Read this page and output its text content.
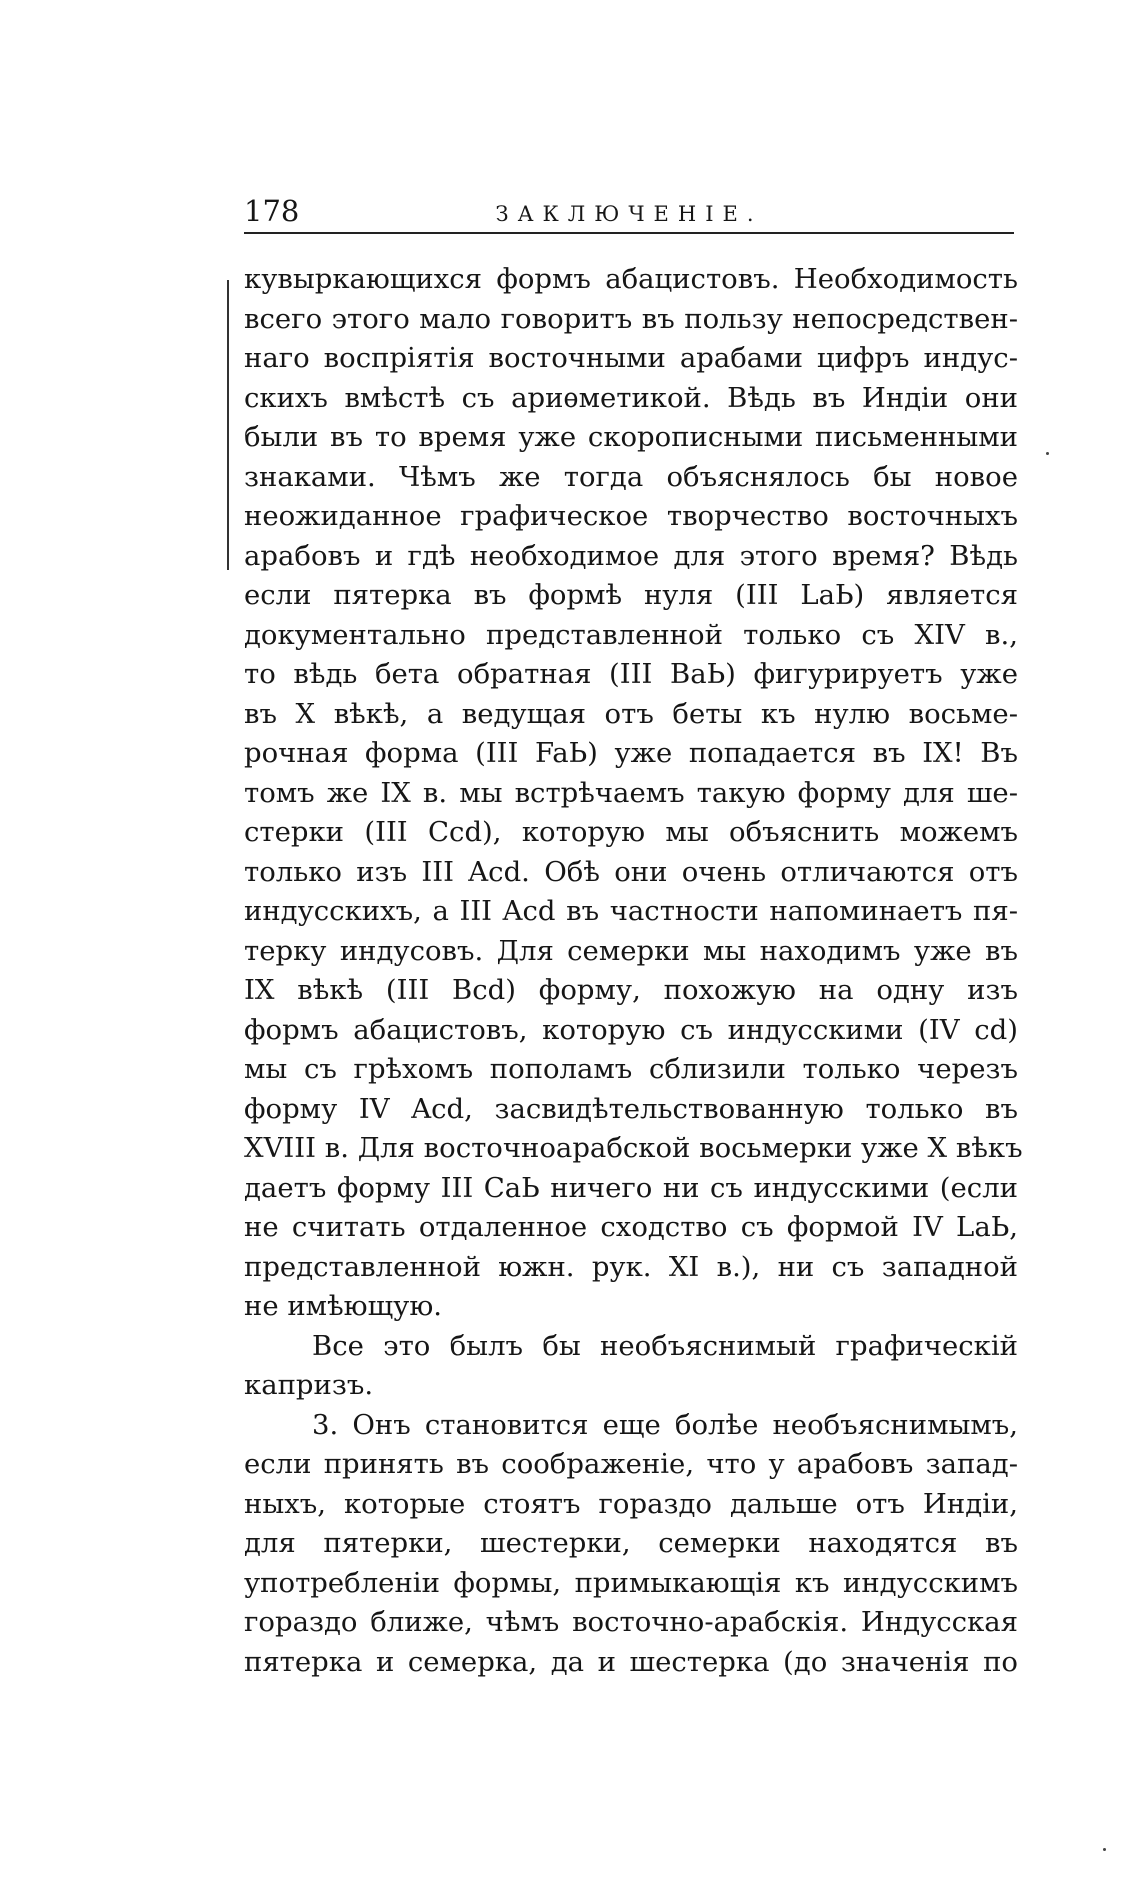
178	ЗАКЛЮЧЕНІЕ.
кувыркающихся формъ абацистовъ. Необходимость
всего этого мало говоритъ въ пользу непосредствен-
наго воспріятія восточными арабами цифръ индус-
скихъ вмѣстѣ съ ариѳметикой. Вѣдь въ Индіи они
были въ то время уже скорописными письменными
знаками. Чѣмъ же тогда объяснялось бы новое
неожиданное графическое творчество восточныхъ
арабовъ и гдѣ необходимое для этого время? Вѣдь
если пятерка въ формѣ нуля (III LaЬ) является
документально представленной только съ XIV в.,
то вѣдь бета обратная (III BaЬ) фигурируетъ уже
въ X вѣкѣ, а ведущая отъ беты къ нулю восьме-
рочная форма (III FaЬ) уже попадается въ IX! Въ
томъ же IX в. мы встрѣчаемъ такую форму для ше-
стерки (III Ccd), которую мы объяснить можемъ
только изъ III Acd. Обѣ они очень отличаются отъ
индусскихъ, а III Acd въ частности напоминаетъ пя-
терку индусовъ. Для семерки мы находимъ уже въ
IX вѣкѣ (III Bcd) форму, похожую на одну изъ
формъ абацистовъ, которую съ индусскими (IV cd)
мы съ грѣхомъ пополамъ сблизили только черезъ
форму IV Acd, засвидѣтельствованную только въ
XVIII в. Для восточноарабской восьмерки уже X вѣкъ
даетъ форму III CaЬ ничего ни съ индусскими (если
не считать отдаленное сходство съ формой IV LaЬ,
представленной южн. рук. XI в.), ни съ западной
не имѣющую.
Все это былъ бы необъяснимый графическій
капризъ.
3. Онъ становится еще болѣе необъяснимымъ,
если принять въ соображеніе, что у арабовъ запад-
ныхъ, которые стоятъ гораздо дальше отъ Индіи,
для пятерки, шестерки, семерки находятся въ
употребленіи формы, примыкающія къ индусскимъ
гораздо ближе, чѣмъ восточно-арабскія. Индусская
пятерка и семерка, да и шестерка (до значенія по
